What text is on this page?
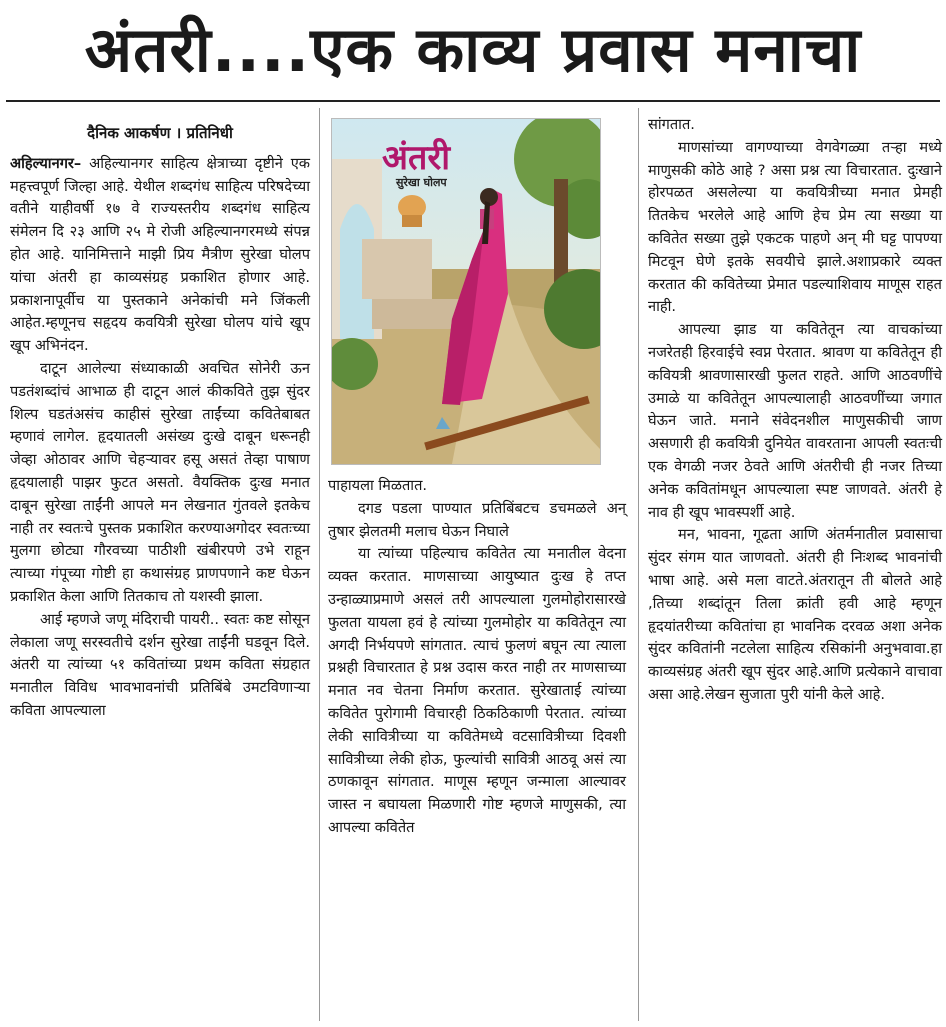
अंतरी....एक काव्य प्रवास मनाचा
दैनिक आकर्षण । प्रतिनिधी

अहिल्यानगर– अहिल्यानगर साहित्य क्षेत्राच्या दृष्टीने एक महत्त्वपूर्ण जिल्हा आहे. येथील शब्दगंध साहित्य परिषदेच्या वतीने याहीवर्षी १७ वे राज्यस्तरीय शब्दगंध साहित्य संमेलन दि २३ आणि २५ मे रोजी अहिल्यानगरमध्ये संपन्न होत आहे. यानिमित्ताने माझी प्रिय मैत्रीण सुरेखा घोलप यांचा अंतरी हा काव्यसंग्रह प्रकाशित होणार आहे. प्रकाशनापूर्वीच या पुस्तकाने अनेकांची मने जिंकली आहेत.म्हणूनच सहृदय कवयित्री सुरेखा घोलप यांचे खूप खूप अभिनंदन.

दाटून आलेल्या संध्याकाळी अवचित सोनेरी ऊन पडतंशब्दांचं आभाळ ही दाटून आलं कीकविते तुझ सुंदर शिल्प घडतंअसंच काहीसं सुरेखा ताईंच्या कवितेबाबत म्हणावं लागेल. हृदयातली असंख्य दुःखे दाबून धरूनही जेव्हा ओठावर आणि चेहऱ्यावर हसू असतं तेव्हा पाषाण हृदयालाही पाझर फुटत असतो. वैयक्तिक दुःख मनात दाबून सुरेखा ताईंनी आपले मन लेखनात गुंतवले इतकेच नाही तर स्वतःचे पुस्तक प्रकाशित करण्याअगोदर स्वतःच्या मुलगा छोट्या गौरवच्या पाठीशी खंबीरपणे उभे राहून त्याच्या गंपूच्या गोष्टी हा कथासंग्रह प्राणपणाने कष्ट घेऊन प्रकाशित केला आणि तितकाच तो यशस्वी झाला.

आई म्हणजे जणू मंदिराची पायरी.. स्वतः कष्ट सोसून लेकाला जणू सरस्वतीचे दर्शन सुरेखा ताईंनी घडवून दिले. अंतरी या त्यांच्या ५१ कवितांच्या प्रथम कविता संग्रहात मनातील विविध भावभावनांची प्रतिबिंबे उमटविणाऱ्या कविता आपल्याला

अंतरी
सुरेखा घोलप

पाहायला मिळतात.

दगड पडला पाण्यात प्रतिबिंबटच डचमळले अन् तुषार झेलतमी मलाच घेऊन निघाले

या त्यांच्या पहिल्याच कवितेत त्या मनातील वेदना व्यक्त करतात. माणसाच्या आयुष्यात दुःख हे तप्त उन्हाळ्याप्रमाणे असलं तरी आपल्याला गुलमोहोरासारखे फुलता यायला हवं हे त्यांच्या गुलमोहोर या कवितेतून त्या अगदी निर्भयपणे सांगतात. त्याचं फुलणं बघून त्या त्याला प्रश्नही विचारतात हे प्रश्न उदास करत नाही तर माणसाच्या मनात नव चेतना निर्माण करतात. सुरेखाताई त्यांच्या कवितेत पुरोगामी विचारही ठिकठिकाणी पेरतात. त्यांच्या लेकी सावित्रीच्या या कवितेमध्ये वटसावित्रीच्या दिवशी सावित्रीच्या लेकी होऊ, फुल्यांची सावित्री आठवू असं त्या ठणकावून सांगतात. माणूस म्हणून जन्माला आल्यावर जास्त न बघायला मिळणारी गोष्ट म्हणजे माणुसकी, त्या आपल्या कवितेत

सांगतात.

माणसांच्या वागण्याच्या वेगवेगळ्या तऱ्हा मध्ये माणुसकी कोठे आहे ? असा प्रश्न त्या विचारतात. दुःखाने होरपळत असलेल्या या कवयित्रीच्या मनात प्रेमही तितकेच भरलेले आहे आणि हेच प्रेम त्या सख्या या कवितेत सख्या तुझे एकटक पाहणे अन् मी घट्ट पापण्या मिटवून घेणे इतके सवयीचे झाले.अशाप्रकारे व्यक्त करतात की कवितेच्या प्रेमात पडल्याशिवाय माणूस राहत नाही.

आपल्या झाड या कवितेतून त्या वाचकांच्या नजरेतही हिरवाईचे स्वप्न पेरतात. श्रावण या कवितेतून ही कवियत्री श्रावणासारखी फुलत राहते. आणि आठवणींचे उमाळे या कवितेतून आपल्यालाही आठवणींच्या जगात घेऊन जाते. मनाने संवेदनशील माणुसकीची जाण असणारी ही कवयित्री दुनियेत वावरताना आपली स्वतःची एक वेगळी नजर ठेवते आणि अंतरीची ही नजर तिच्या अनेक कवितांमधून आपल्याला स्पष्ट जाणवते. अंतरी हे नाव ही खूप भावस्पर्शी आहे.

मन, भावना, गूढता आणि अंतर्मनातील प्रवासाचा सुंदर संगम यात जाणवतो. अंतरी ही निःशब्द भावनांची भाषा आहे. असे मला वाटते.अंतरातून ती बोलते आहे ,तिच्या शब्दांतून तिला क्रांती हवी आहे म्हणून हृदयांतरीच्या कवितांचा हा भावनिक दरवळ अशा अनेक सुंदर कवितांनी नटलेला साहित्य रसिकांनी अनुभवावा.हा काव्यसंग्रह अंतरी खूप सुंदर आहे.आणि प्रत्येकाने वाचावा असा आहे.लेखन सुजाता पुरी यांनी केले आहे.
